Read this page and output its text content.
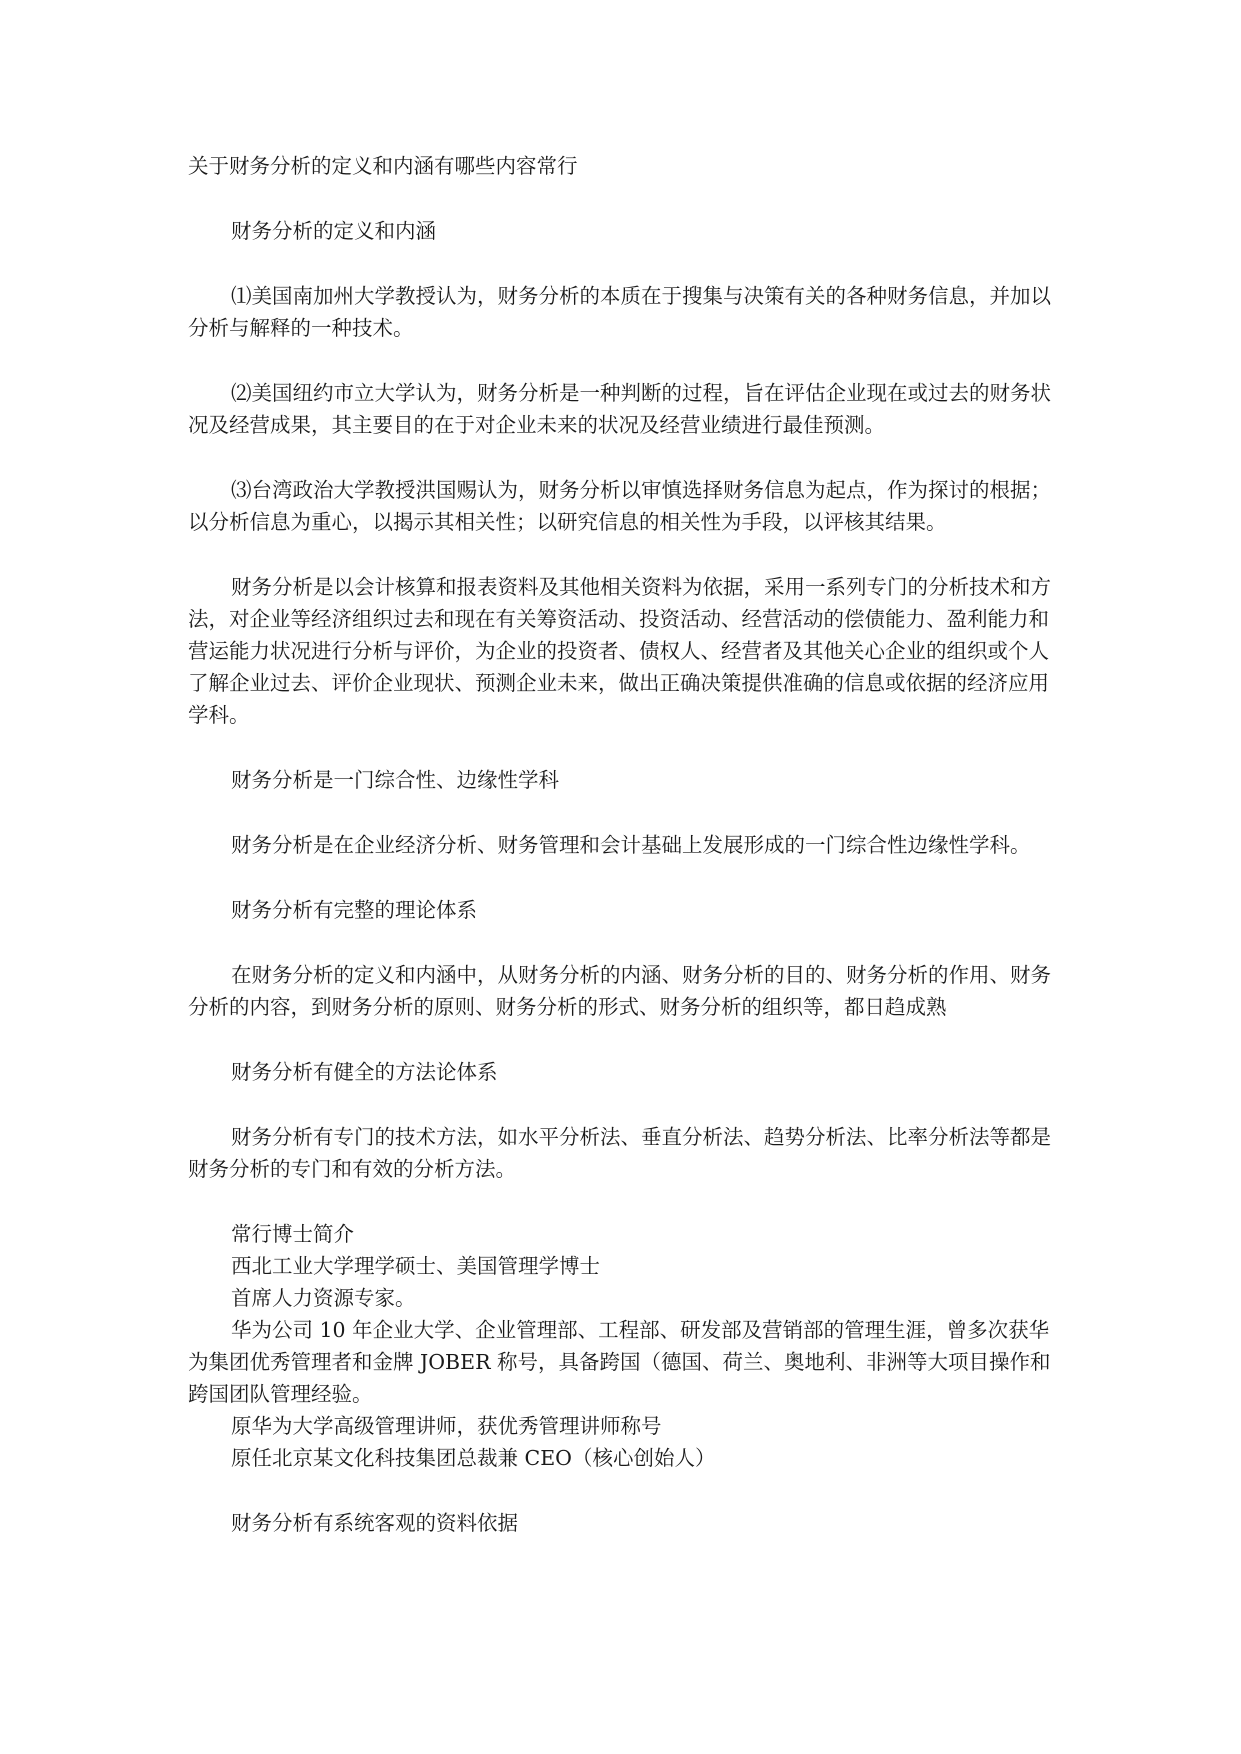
关于财务分析的定义和内涵有哪些内容常行

财务分析的定义和内涵

⑴美国南加州大学教授认为，财务分析的本质在于搜集与决策有关的各种财务信息，并加以分析与解释的一种技术。

⑵美国纽约市立大学认为，财务分析是一种判断的过程，旨在评估企业现在或过去的财务状况及经营成果，其主要目的在于对企业未来的状况及经营业绩进行最佳预测。

⑶台湾政治大学教授洪国赐认为，财务分析以审慎选择财务信息为起点，作为探讨的根据；以分析信息为重心，以揭示其相关性；以研究信息的相关性为手段，以评核其结果。

财务分析是以会计核算和报表资料及其他相关资料为依据，采用一系列专门的分析技术和方法，对企业等经济组织过去和现在有关筹资活动、投资活动、经营活动的偿债能力、盈利能力和营运能力状况进行分析与评价，为企业的投资者、债权人、经营者及其他关心企业的组织或个人了解企业过去、评价企业现状、预测企业未来，做出正确决策提供准确的信息或依据的经济应用学科。

财务分析是一门综合性、边缘性学科

财务分析是在企业经济分析、财务管理和会计基础上发展形成的一门综合性边缘性学科。

财务分析有完整的理论体系

在财务分析的定义和内涵中，从财务分析的内涵、财务分析的目的、财务分析的作用、财务分析的内容，到财务分析的原则、财务分析的形式、财务分析的组织等，都日趋成熟

财务分析有健全的方法论体系

财务分析有专门的技术方法，如水平分析法、垂直分析法、趋势分析法、比率分析法等都是财务分析的专门和有效的分析方法。

常行博士简介

西北工业大学理学硕士、美国管理学博士

首席人力资源专家。

华为公司 10 年企业大学、企业管理部、工程部、研发部及营销部的管理生涯，曾多次获华为集团优秀管理者和金牌 JOBER 称号，具备跨国（德国、荷兰、奥地利、非洲等大项目操作和跨国团队管理经验。

原华为大学高级管理讲师，获优秀管理讲师称号

原任北京某文化科技集团总裁兼 CEO（核心创始人）

财务分析有系统客观的资料依据
